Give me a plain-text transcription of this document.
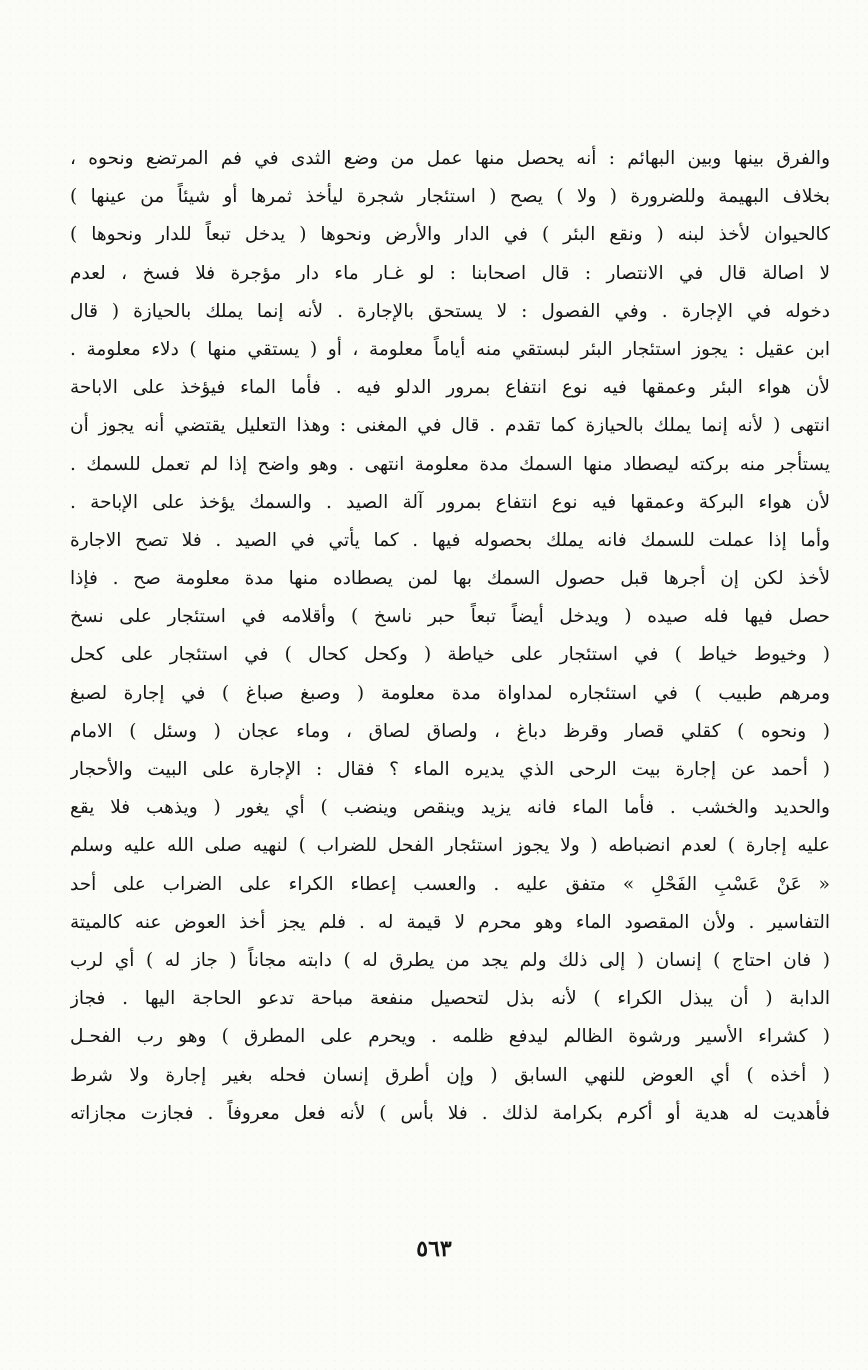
والفرق بينها وبين البهائم : أنه يحصل منها عمل من وضع الثدى في فم المرتضع ونحوه ،
بخلاف البهيمة وللضرورة ( ولا ) يصح ( استئجار شجرة ليأخذ ثمرها أو شيئاً من عينها )
كالحيوان لأخذ لبنه ( ونقع البئر ) في الدار والأرض ونحوها ( يدخل تبعاً للدار ونحوها )
لا اصالة قال في الانتصار : قال اصحابنا : لو غـار ماء دار مؤجرة فلا فسخ ، لعدم
دخوله في الإجارة . وفي الفصول : لا يستحق بالإجارة . لأنه إنما يملك بالحيازة ( قال
ابن عقيل : يجوز استئجار البئر لبستقي منه أياماً معلومة ، أو ( يستقي منها ) دلاء معلومة .
لأن هواء البئر وعمقها فيه نوع انتفاع بمرور الدلو فيه . فأما الماء فيؤخذ على الاباحة
انتهى ( لأنه إنما يملك بالحيازة كما تقدم . قال في المغنى : وهذا التعليل يقتضي أنه يجوز أن
يستأجر منه بركته ليصطاد منها السمك مدة معلومة انتهى . وهو واضح إذا لم تعمل للسمك .
لأن هواء البركة وعمقها فيه نوع انتفاع بمرور آلة الصيد . والسمك يؤخذ على الإباحة .
وأما إذا عملت للسمك فانه يملك بحصوله فيها . كما يأتي في الصيد . فلا تصح الاجارة
لأخذ لكن إن أجرها قبل حصول السمك بها لمن يصطاده منها مدة معلومة صح . فإذا
حصل فيها فله صيده ( ويدخل أيضاً تبعاً حبر ناسخ ) وأقلامه في استئجار على نسخ
( وخيوط خياط ) في استئجار على خياطة ( وكحل كحال ) في استئجار على كحل
ومرهم طبيب ) في استئجاره لمداواة مدة معلومة ( وصبغ صباغ ) في إجارة لصبغ
( ونحوه ) كقلي قصار وقرظ دباغ ، ولصاق لصاق ، وماء عجان ( وسئل ) الامام
( أحمد عن إجارة بيت الرحى الذي يديره الماء ؟ فقال : الإجارة على البيت والأحجار
والحديد والخشب . فأما الماء فانه يزيد وينقص وينضب ) أي يغور ( ويذهب فلا يقع
عليه إجارة ) لعدم انضباطه ( ولا يجوز استئجار الفحل للضراب ) لنهيه صلى الله عليه وسلم
« عَنْ عَسْبِ الفَحْلِ » متفق عليه . والعسب إعطاء الكراء على الضراب على أحد
التفاسير . ولأن المقصود الماء وهو محرم لا قيمة له . فلم يجز أخذ العوض عنه كالميتة
( فان احتاج ) إنسان ( إلى ذلك ولم يجد من يطرق له ) دابته مجاناً ( جاز له ) أي لرب
الدابة ( أن يبذل الكراء ) لأنه بذل لتحصيل منفعة مباحة تدعو الحاجة اليها . فجاز
( كشراء الأسير ورشوة الظالم ليدفع ظلمه . ويحرم على المطرق ) وهو رب الفحـل
( أخذه ) أي العوض للنهي السابق ( وإن أطرق إنسان فحله بغير إجارة ولا شرط
فأهديت له هدية أو أكرم بكرامة لذلك . فلا بأس ) لأنه فعل معروفاً . فجازت مجازاته
٥٦٣
